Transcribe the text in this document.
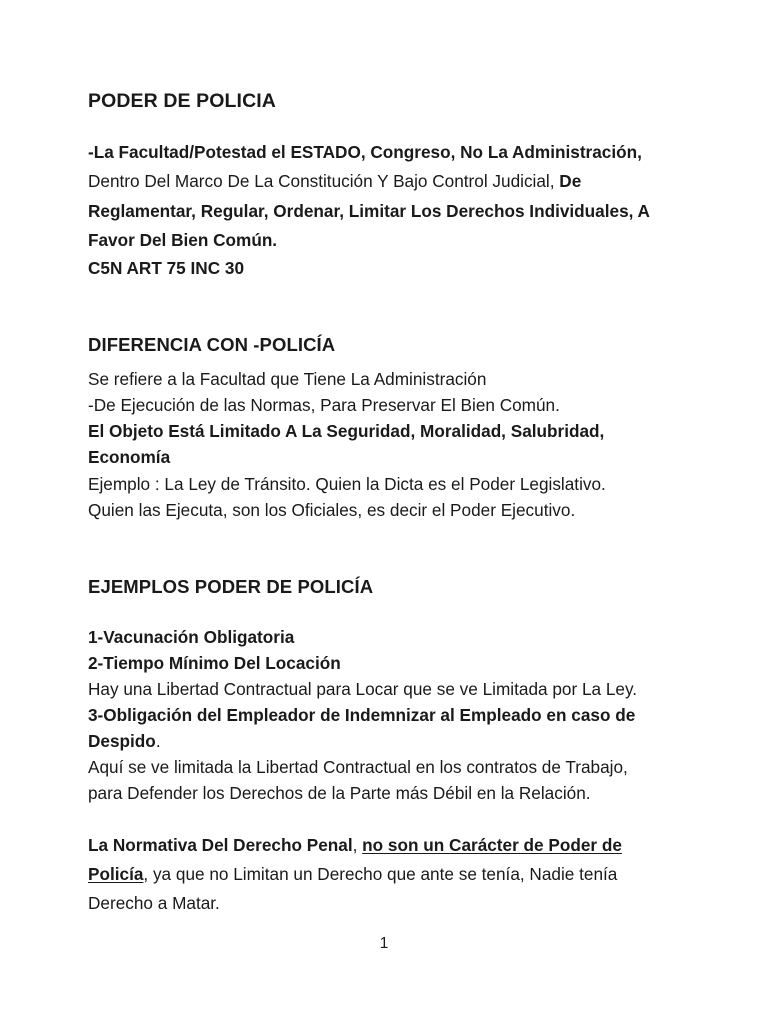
PODER DE POLICIA
-La Facultad/Potestad el ESTADO, Congreso, No La Administración,
Dentro Del Marco De La Constitución Y Bajo Control Judicial, De
Reglamentar, Regular, Ordenar, Limitar Los Derechos Individuales, A
Favor Del Bien Común.
C5N ART 75 INC 30
DIFERENCIA CON -POLICÍA
Se refiere a la Facultad que Tiene La Administración
-De Ejecución de las Normas, Para Preservar El Bien Común.
El Objeto Está Limitado A La Seguridad, Moralidad, Salubridad,
Economía
Ejemplo : La Ley de Tránsito. Quien la Dicta es el Poder Legislativo.
Quien las Ejecuta, son los Oficiales, es decir el Poder Ejecutivo.
EJEMPLOS PODER DE POLICÍA
1-Vacunación Obligatoria
2-Tiempo Mínimo Del Locación
Hay una Libertad Contractual para Locar que se ve Limitada por La Ley.
3-Obligación del Empleador de Indemnizar al Empleado en caso de
Despido.
Aquí se ve limitada la Libertad Contractual en los contratos de Trabajo,
para Defender los Derechos de la Parte más Débil en la Relación.
La Normativa Del Derecho Penal, no son un Carácter de Poder de
Policía, ya que no Limitan un Derecho que ante se tenía, Nadie tenía
Derecho a Matar.
1
